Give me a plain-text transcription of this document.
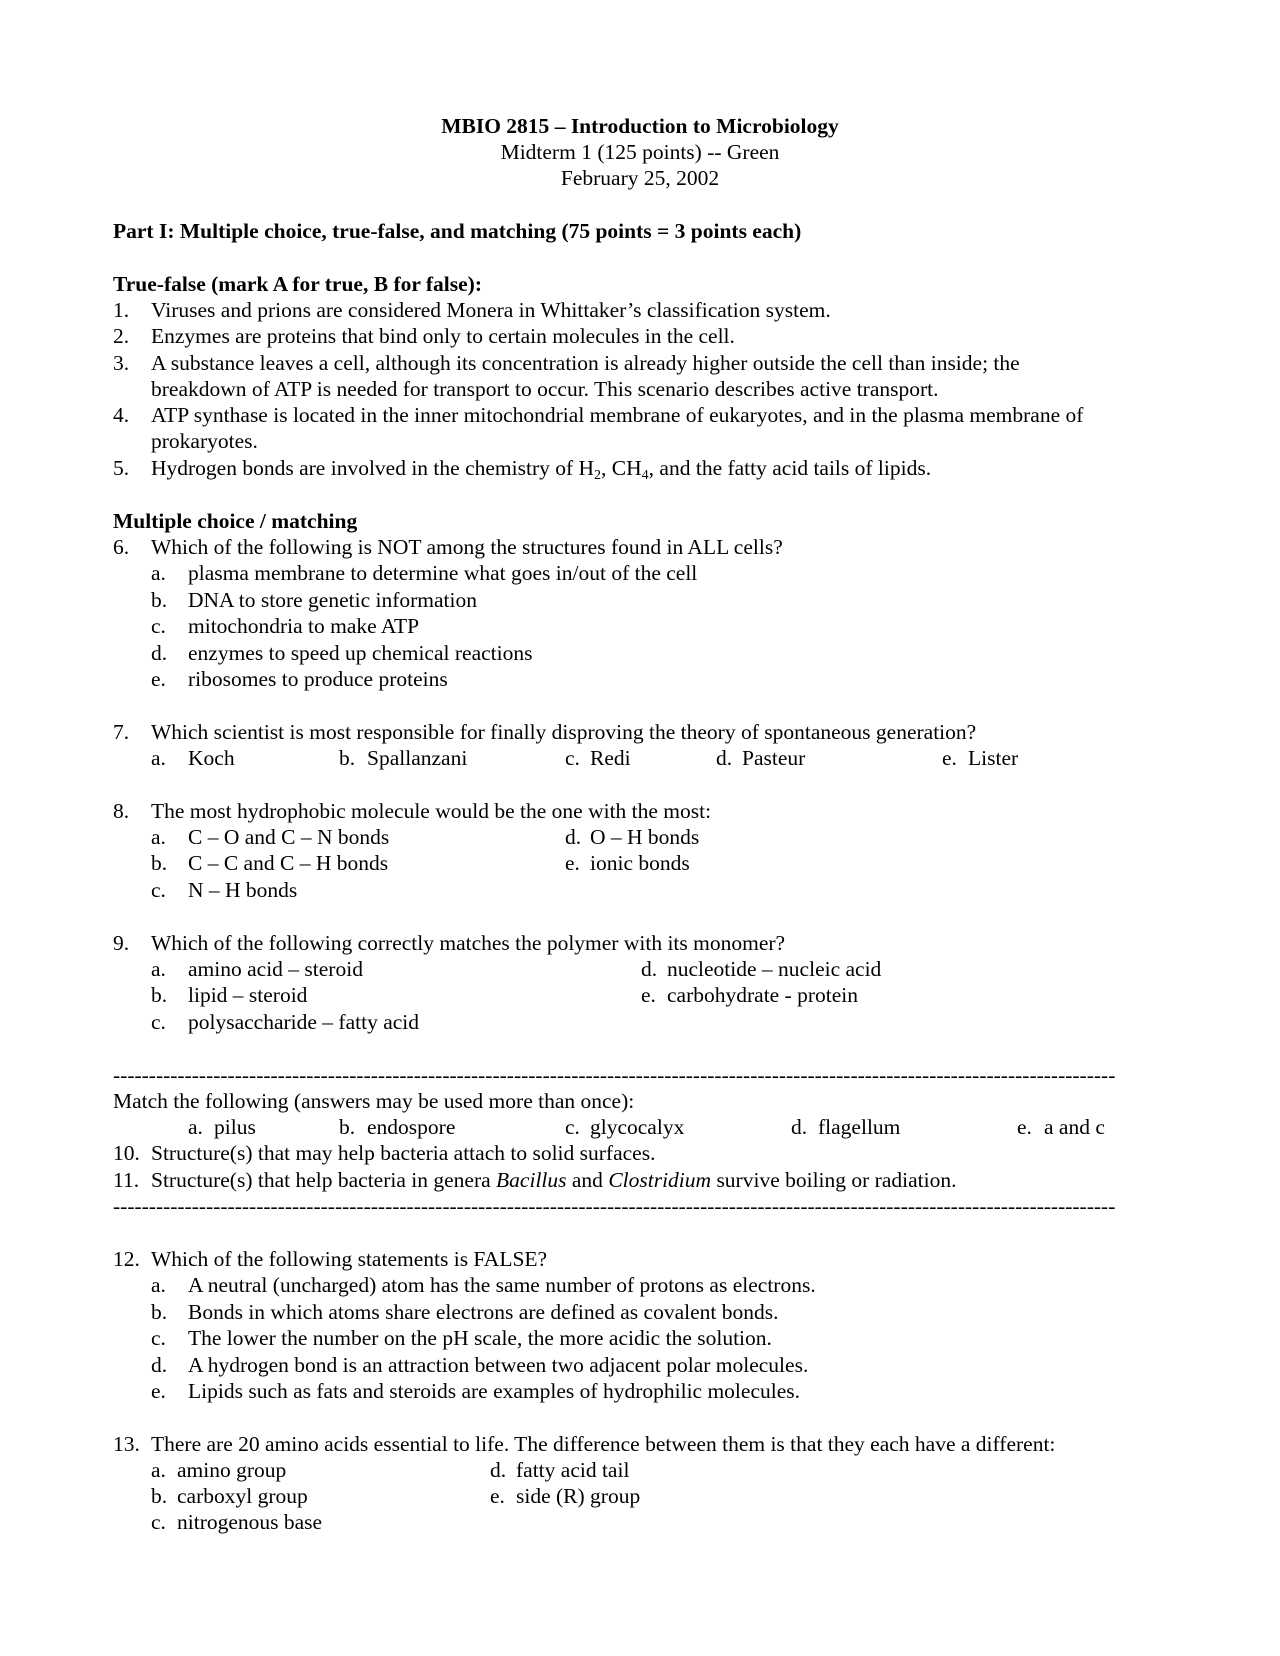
MBIO 2815 – Introduction to Microbiology
Midterm 1 (125 points) -- Green
February 25, 2002
Part I: Multiple choice, true-false, and matching (75 points = 3 points each)
True-false (mark A for true, B for false):
1. Viruses and prions are considered Monera in Whittaker’s classification system.
2. Enzymes are proteins that bind only to certain molecules in the cell.
3. A substance leaves a cell, although its concentration is already higher outside the cell than inside; the
breakdown of ATP is needed for transport to occur. This scenario describes active transport.
4. ATP synthase is located in the inner mitochondrial membrane of eukaryotes, and in the plasma membrane of
prokaryotes.
5. Hydrogen bonds are involved in the chemistry of $H_2$, $CH_4$, and the fatty acid tails of lipids.
Multiple choice / matching
6. Which of the following is NOT among the structures found in ALL cells?
a. plasma membrane to determine what goes in/out of the cell
b. DNA to store genetic information
c. mitochondria to make ATP
d. enzymes to speed up chemical reactions
e. ribosomes to produce proteins
7. Which scientist is most responsible for finally disproving the theory of spontaneous generation?
a. Koch	b. Spallanzani	c. Redi	d. Pasteur	e. Lister
8. The most hydrophobic molecule would be the one with the most:
a. C – O and C – N bonds	d. O – H bonds
b. C – C and C – H bonds	e. ionic bonds
c. N – H bonds
9. Which of the following correctly matches the polymer with its monomer?
a. amino acid – steroid	d. nucleotide – nucleic acid
b. lipid – steroid	e. carbohydrate - protein
c. polysaccharide – fatty acid
--------------------------------------------------------------------------------------------------------------------------------------------
Match the following (answers may be used more than once):
a. pilus	b. endospore	c. glycocalyx	d. flagellum	e. a and c
10. Structure(s) that may help bacteria attach to solid surfaces.
11. Structure(s) that help bacteria in genera Bacillus and Clostridium survive boiling or radiation.
--------------------------------------------------------------------------------------------------------------------------------------------
12. Which of the following statements is FALSE?
a. A neutral (uncharged) atom has the same number of protons as electrons.
b. Bonds in which atoms share electrons are defined as covalent bonds.
c. The lower the number on the pH scale, the more acidic the solution.
d. A hydrogen bond is an attraction between two adjacent polar molecules.
e. Lipids such as fats and steroids are examples of hydrophilic molecules.
13. There are 20 amino acids essential to life. The difference between them is that they each have a different:
a. amino group	d. fatty acid tail
b. carboxyl group	e. side (R) group
c. nitrogenous base
